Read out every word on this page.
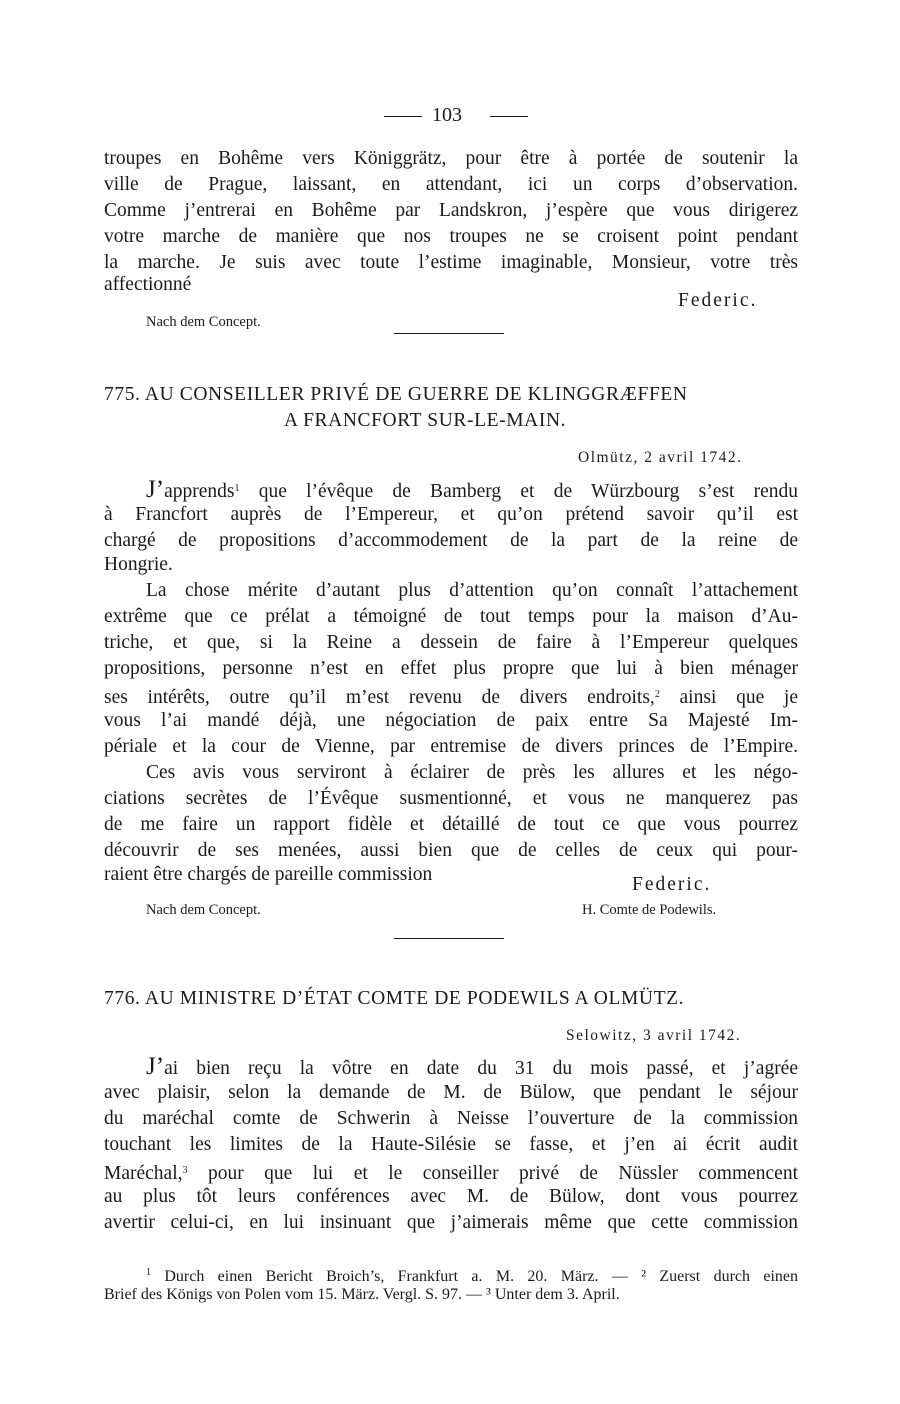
103
troupes en Bohême vers Königgrätz, pour être à portée de soutenir la
ville de Prague, laissant, en attendant, ici un corps d’observation.
Comme j’entrerai en Bohême par Landskron, j’espère que vous dirigerez
votre marche de manière que nos troupes ne se croisent point pendant
la marche. Je suis avec toute l’estime imaginable, Monsieur, votre très
affectionné
Federic.
Nach dem Concept.
775. AU CONSEILLER PRIVÉ DE GUERRE DE KLINGGRÆFFEN
A FRANCFORT SUR-LE-MAIN.
Olmütz, 2 avril 1742.
J’apprends$^1$ que l’évêque de Bamberg et de Würzbourg s’est rendu
à Francfort auprès de l’Empereur, et qu’on prétend savoir qu’il est
chargé de propositions d’accommodement de la part de la reine de
Hongrie.
La chose mérite d’autant plus d’attention qu’on connaît l’attachement
extrême que ce prélat a témoigné de tout temps pour la maison d’Au-
triche, et que, si la Reine a dessein de faire à l’Empereur quelques
propositions, personne n’est en effet plus propre que lui à bien ménager
ses intérêts, outre qu’il m’est revenu de divers endroits,$^2$ ainsi que je
vous l’ai mandé déjà, une négociation de paix entre Sa Majesté Im-
périale et la cour de Vienne, par entremise de divers princes de l’Empire.
Ces avis vous serviront à éclairer de près les allures et les négo-
ciations secrètes de l’Évêque susmentionné, et vous ne manquerez pas
de me faire un rapport fidèle et détaillé de tout ce que vous pourrez
découvrir de ses menées, aussi bien que de celles de ceux qui pour-
raient être chargés de pareille commission	Federic.
Nach dem Concept.	H. Comte de Podewils.
776. AU MINISTRE D’ÉTAT COMTE DE PODEWILS A OLMÜTZ.
Selowitz, 3 avril 1742.
J’ai bien reçu la vôtre en date du 31 du mois passé, et j’agrée
avec plaisir, selon la demande de M. de Bülow, que pendant le séjour
du maréchal comte de Schwerin à Neisse l’ouverture de la commission
touchant les limites de la Haute-Silésie se fasse, et j’en ai écrit audit
Maréchal,$^3$ pour que lui et le conseiller privé de Nüssler commencent
au plus tôt leurs conférences avec M. de Bülow, dont vous pourrez
avertir celui-ci, en lui insinuant que j’aimerais même que cette commission
$^1$ Durch einen Bericht Broich’s, Frankfurt a. M. 20. März. — ² Zuerst durch einen
Brief des Königs von Polen vom 15. März. Vergl. S. 97. — ³ Unter dem 3. April.
